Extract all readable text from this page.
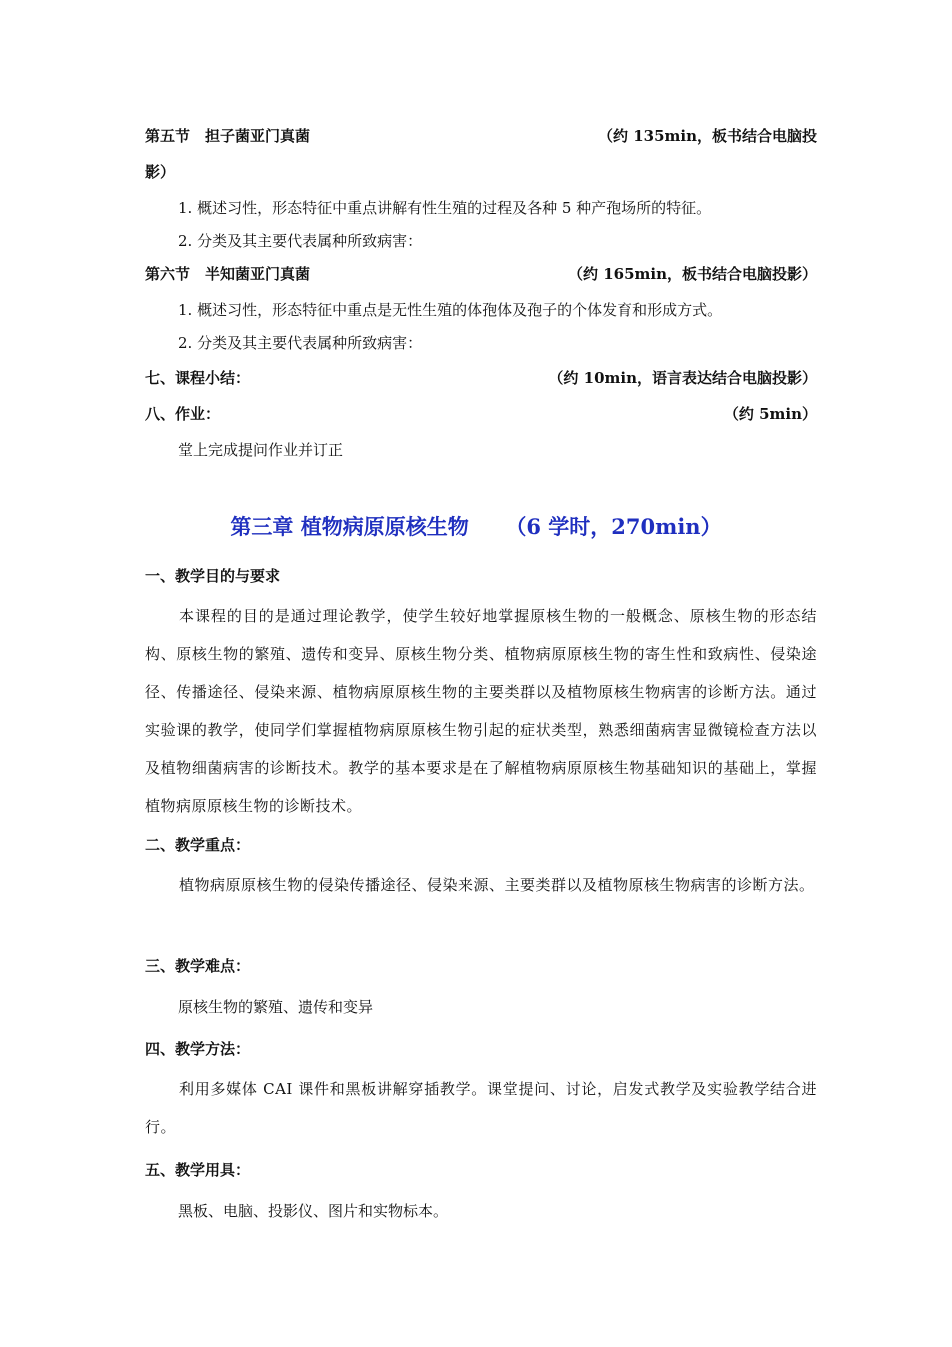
第五节　担子菌亚门真菌	（约 135min，板书结合电脑投
影）
1. 概述习性，形态特征中重点讲解有性生殖的过程及各种 5 种产孢场所的特征。
2. 分类及其主要代表属种所致病害：
第六节　半知菌亚门真菌	（约 165min，板书结合电脑投影）
1. 概述习性，形态特征中重点是无性生殖的体孢体及孢子的个体发育和形成方式。
2. 分类及其主要代表属种所致病害：
七、课程小结：	（约 10min，语言表达结合电脑投影）
八、作业：	（约 5min）
堂上完成提问作业并订正
第三章 植物病原原核生物 （6 学时，270min）
一、教学目的与要求
本课程的目的是通过理论教学，使学生较好地掌握原核生物的一般概念、原核生物的形态结构、原核生物的繁殖、遗传和变异、原核生物分类、植物病原原核生物的寄生性和致病性、侵染途径、传播途径、侵染来源、植物病原原核生物的主要类群以及植物原核生物病害的诊断方法。通过实验课的教学，使同学们掌握植物病原原核生物引起的症状类型，熟悉细菌病害显微镜检查方法以及植物细菌病害的诊断技术。教学的基本要求是在了解植物病原原核生物基础知识的基础上，掌握植物病原原核生物的诊断技术。
二、教学重点：
植物病原原核生物的侵染传播途径、侵染来源、主要类群以及植物原核生物病害的诊断方法。
三、教学难点：
原核生物的繁殖、遗传和变异
四、教学方法：
利用多媒体 CAI 课件和黑板讲解穿插教学。课堂提问、讨论，启发式教学及实验教学结合进行。
五、教学用具：
黑板、电脑、投影仪、图片和实物标本。
